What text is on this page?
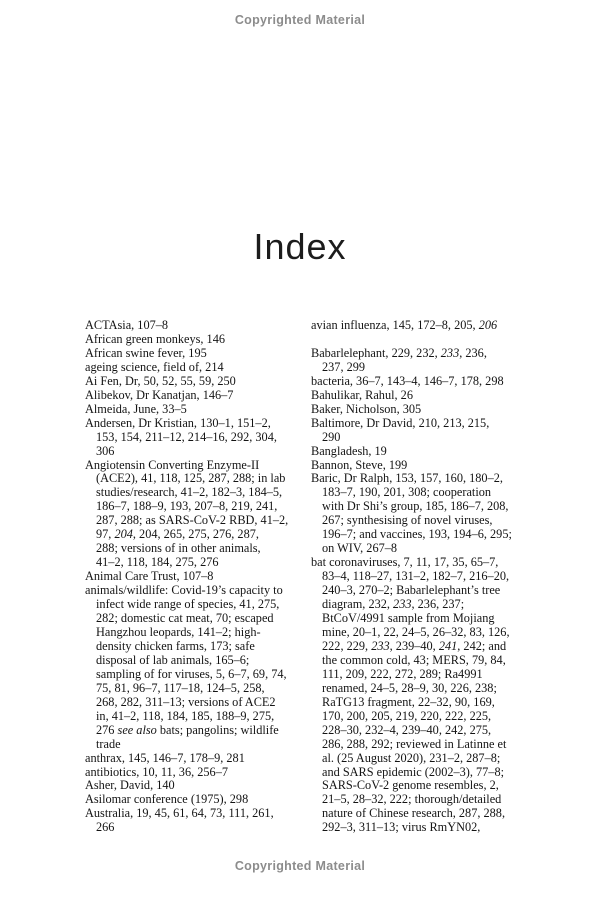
Copyrighted Material
Index
ACTAsia, 107–8
African green monkeys, 146
African swine fever, 195
ageing science, field of, 214
Ai Fen, Dr, 50, 52, 55, 59, 250
Alibekov, Dr Kanatjan, 146–7
Almeida, June, 33–5
Andersen, Dr Kristian, 130–1, 151–2,
153, 154, 211–12, 214–16, 292, 304,
306
Angiotensin Converting Enzyme-II
(ACE2), 41, 118, 125, 287, 288; in lab
studies/research, 41–2, 182–3, 184–5,
186–7, 188–9, 193, 207–8, 219, 241,
287, 288; as SARS-CoV-2 RBD, 41–2,
97, 204, 204, 265, 275, 276, 287,
288; versions of in other animals,
41–2, 118, 184, 275, 276
Animal Care Trust, 107–8
animals/wildlife: Covid-19’s capacity to
infect wide range of species, 41, 275,
282; domestic cat meat, 70; escaped
Hangzhou leopards, 141–2; high-
density chicken farms, 173; safe
disposal of lab animals, 165–6;
sampling of for viruses, 5, 6–7, 69, 74,
75, 81, 96–7, 117–18, 124–5, 258,
268, 282, 311–13; versions of ACE2
in, 41–2, 118, 184, 185, 188–9, 275,
276 see also bats; pangolins; wildlife
trade
anthrax, 145, 146–7, 178–9, 281
antibiotics, 10, 11, 36, 256–7
Asher, David, 140
Asilomar conference (1975), 298
Australia, 19, 45, 61, 64, 73, 111, 261,
266
avian influenza, 145, 172–8, 205, 206

Babarlelephant, 229, 232, 233, 236,
237, 299
bacteria, 36–7, 143–4, 146–7, 178, 298
Bahulikar, Rahul, 26
Baker, Nicholson, 305
Baltimore, Dr David, 210, 213, 215,
290
Bangladesh, 19
Bannon, Steve, 199
Baric, Dr Ralph, 153, 157, 160, 180–2,
183–7, 190, 201, 308; cooperation
with Dr Shi’s group, 185, 186–7, 208,
267; synthesising of novel viruses,
196–7; and vaccines, 193, 194–6, 295;
on WIV, 267–8
bat coronaviruses, 7, 11, 17, 35, 65–7,
83–4, 118–27, 131–2, 182–7, 216–20,
240–3, 270–2; Babarlelephant’s tree
diagram, 232, 233, 236, 237;
BtCoV/4991 sample from Mojiang
mine, 20–1, 22, 24–5, 26–32, 83, 126,
222, 229, 233, 239–40, 241, 242; and
the common cold, 43; MERS, 79, 84,
111, 209, 222, 272, 289; Ra4991
renamed, 24–5, 28–9, 30, 226, 238;
RaTG13 fragment, 22–32, 90, 169,
170, 200, 205, 219, 220, 222, 225,
228–30, 232–4, 239–40, 242, 275,
286, 288, 292; reviewed in Latinne et
al. (25 August 2020), 231–2, 287–8;
and SARS epidemic (2002–3), 77–8;
SARS-CoV-2 genome resembles, 2,
21–5, 28–32, 222; thorough/detailed
nature of Chinese research, 287, 288,
292–3, 311–13; virus RmYN02,
Copyrighted Material
